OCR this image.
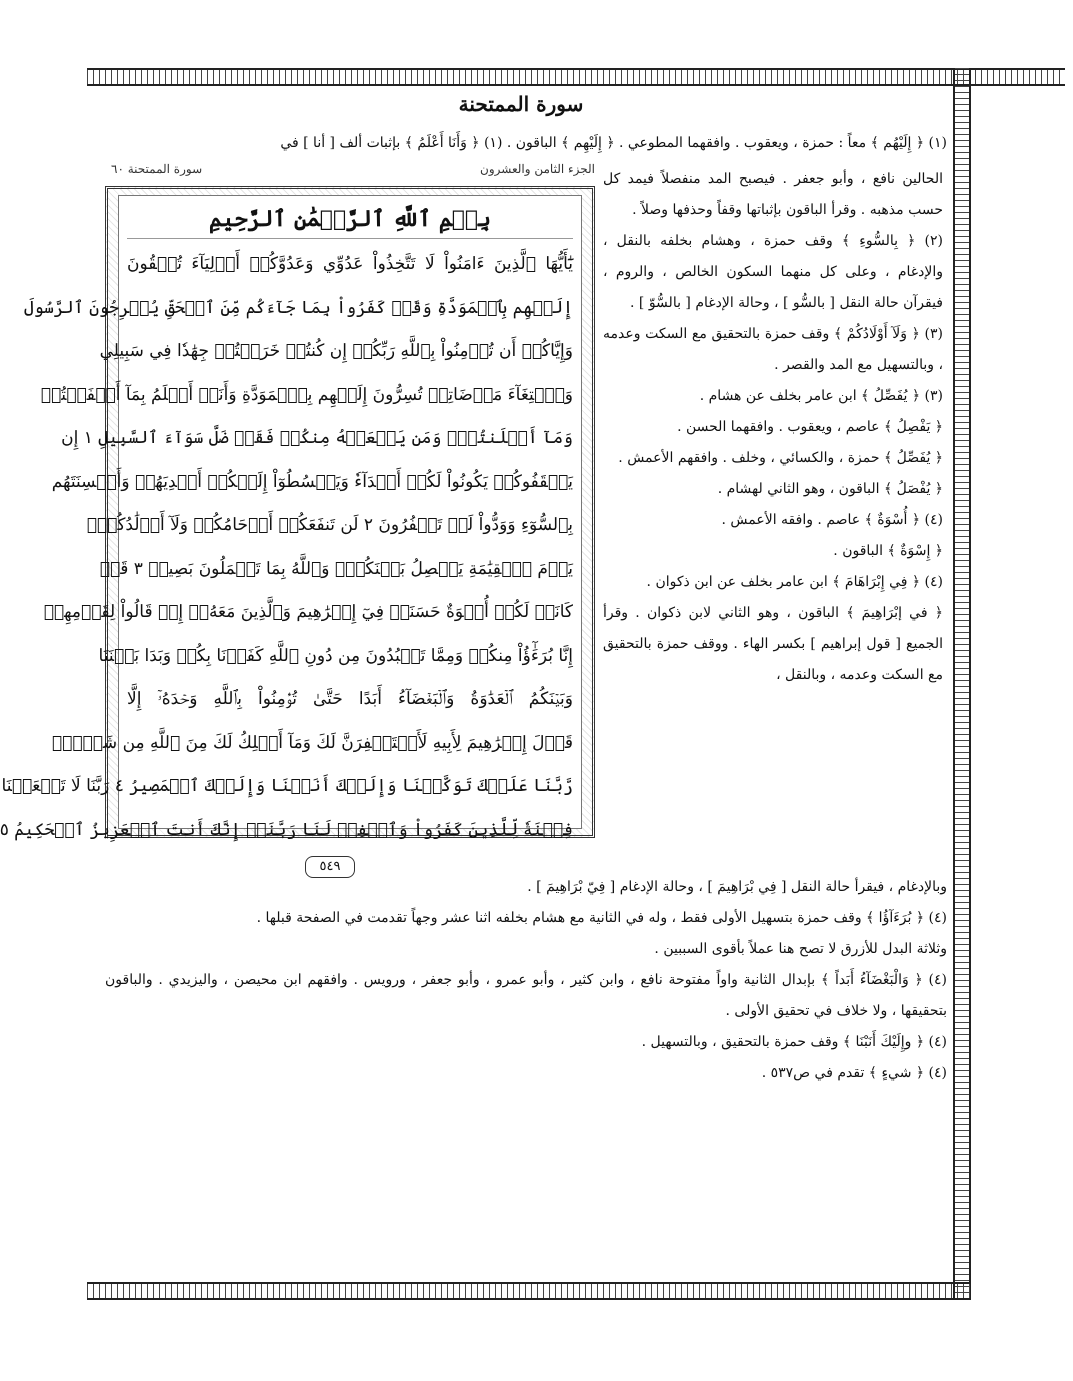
سورة الممتحنة
(١) ﴿ إِلَيْهُم ﴾ معاً : حمزة ، ويعقوب . وافقهما المطوعي . ﴿ إِلَيْهِم ﴾ الباقون . (١) ﴿ وَأَنَا أَعْلَمُ ﴾ بإثبات ألف [ أنا ] في
الجزء الثامن والعشرون
سورة الممتحنة ٦٠
بِسۡمِ ٱللَّهِ ٱلرَّحۡمَٰنِ ٱلرَّحِيمِ
يَٰٓأَيُّهَا ٱلَّذِينَ ءَامَنُواْ لَا تَتَّخِذُواْ عَدُوِّي وَعَدُوَّكُمۡ أَوۡلِيَآءَ تُلۡقُونَ
إِلَيۡهِم بِٱلۡمَوَدَّةِ وَقَدۡ كَفَرُواْ بِمَا جَآءَكُم مِّنَ ٱلۡحَقِّ يُخۡرِجُونَ ٱلرَّسُولَ
وَإِيَّاكُمۡ أَن تُؤۡمِنُواْ بِٱللَّهِ رَبِّكُمۡ إِن كُنتُمۡ خَرَجۡتُمۡ جِهَٰدٗا فِي سَبِيلِي
وَٱبۡتِغَآءَ مَرۡضَاتِيۚ تُسِرُّونَ إِلَيۡهِم بِٱلۡمَوَدَّةِ وَأَنَا۠ أَعۡلَمُ بِمَآ أَخۡفَيۡتُمۡ
وَمَآ أَعۡلَنتُمۡۚ وَمَن يَفۡعَلۡهُ مِنكُمۡ فَقَدۡ ضَلَّ سَوَآءَ ٱلسَّبِيلِ ١ إِن
يَثۡقَفُوكُمۡ يَكُونُواْ لَكُمۡ أَعۡدَآءٗ وَيَبۡسُطُوٓاْ إِلَيۡكُمۡ أَيۡدِيَهُمۡ وَأَلۡسِنَتَهُم
بِٱلسُّوٓءِ وَوَدُّواْ لَوۡ تَكۡفُرُونَ ٢ لَن تَنفَعَكُمۡ أَرۡحَامُكُمۡ وَلَآ أَوۡلَٰدُكُمۡۚ
يَوۡمَ ٱلۡقِيَٰمَةِ يَفۡصِلُ بَيۡنَكُمۡۚ وَٱللَّهُ بِمَا تَعۡمَلُونَ بَصِيرٞ ٣ قَدۡ
كَانَتۡ لَكُمۡ أُسۡوَةٌ حَسَنَةٞ فِيٓ إِبۡرَٰهِيمَ وَٱلَّذِينَ مَعَهُۥٓ إِذۡ قَالُواْ لِقَوۡمِهِمۡ
إِنَّا بُرَءَٰٓؤُاْ مِنكُمۡ وَمِمَّا تَعۡبُدُونَ مِن دُونِ ٱللَّهِ كَفَرۡنَا بِكُمۡ وَبَدَا بَيۡنَنَا
وَبَيۡنَكُمُ ٱلۡعَدَٰوَةُ وَٱلۡبَغۡضَآءُ أَبَدًا حَتَّىٰ تُؤۡمِنُواْ بِٱللَّهِ وَحۡدَهُۥٓ إِلَّا
قَوۡلَ إِبۡرَٰهِيمَ لِأَبِيهِ لَأَسۡتَغۡفِرَنَّ لَكَ وَمَآ أَمۡلِكُ لَكَ مِنَ ٱللَّهِ مِن شَيۡءٖۖ
رَّبَّنَا عَلَيۡكَ تَوَكَّلۡنَا وَإِلَيۡكَ أَنَبۡنَا وَإِلَيۡكَ ٱلۡمَصِيرُ ٤ رَبَّنَا لَا تَجۡعَلۡنَا
فِتۡنَةٗ لِّلَّذِينَ كَفَرُواْ وَٱغۡفِرۡ لَنَا رَبَّنَآۖ إِنَّكَ أَنتَ ٱلۡعَزِيزُ ٱلۡحَكِيمُ ٥
٥٤٩

الحالين نافع ، وأبو جعفر . فيصبح المد منفصلاً فيمد كل حسب مذهبه . وقرأ الباقون بإثباتها وقفاً وحذفها وصلاً .

(٢) ﴿ بِالسُّوءِ ﴾ وقف حمزة ، وهشام بخلفه بالنقل ، والإدغام ، وعلى كل منهما السكون الخالص ، والروم ، فيقرآن حالة النقل [ بالسُّو ] ، وحالة الإدغام [ بالسُّوّ ] .

(٣) ﴿ وَلَآ أَوْلَادُكُمْ ﴾ وقف حمزة بالتحقيق مع السكت وعدمه ، وبالتسهيل مع المد والقصر .

(٣) ﴿ يُفَصِّلُ ﴾ ابن عامر بخلف عن هشام .

﴿ يَفْصِلُ ﴾ عاصم ، ويعقوب . وافقهما الحسن .

﴿ يُفَصِّلُ ﴾ حمزة ، والكسائي ، وخلف . وافقهم الأعمش .

﴿ يُفْصَلُ ﴾ الباقون ، وهو الثاني لهشام .

(٤) ﴿ أُسْوَةٌ ﴾ عاصم . وافقه الأعمش .

﴿ إِسْوَةٌ ﴾ الباقون .

(٤) ﴿ فِي إِبْرَاهَامَ ﴾ ابن عامر بخلف عن ابن ذكوان .

﴿ في إبْرَاهِيمَ ﴾ الباقون ، وهو الثاني لابن ذكوان . وقرأ الجميع [ قول إبراهيم ] بكسر الهاء . ووقف حمزة بالتحقيق مع السكت وعدمه ، وبالنقل ،

وبالإدغام ، فيقرأ حالة النقل [ فِي بْرَاهِيمَ ] ، وحالة الإدغام [ فِيّ بْرَاهِيمَ ] .

(٤) ﴿ بُرَءَآؤُا ﴾ وقف حمزة بتسهيل الأولى فقط ، وله في الثانية مع هشام بخلفه اثنا عشر وجهاً تقدمت في الصفحة قبلها .

وثلاثة البدل للأزرق لا تصح هنا عملاً بأقوى السببين .

(٤) ﴿ وَالْبَغْضَآءُ أَبَداً ﴾ بإبدال الثانية واواً مفتوحة نافع ، وابن كثير ، وأبو عمرو ، وأبو جعفر ، ورويس . وافقهم ابن محيصن ، واليزيدي . والباقون بتحقيقها ، ولا خلاف في تحقيق الأولى .

(٤) ﴿ وإِلَيْكَ أَنَبْنَا ﴾ وقف حمزة بالتحقيق ، وبالتسهيل .

(٤) ﴿ شيءٍ ﴾ تقدم في ص٥٣٧ .
